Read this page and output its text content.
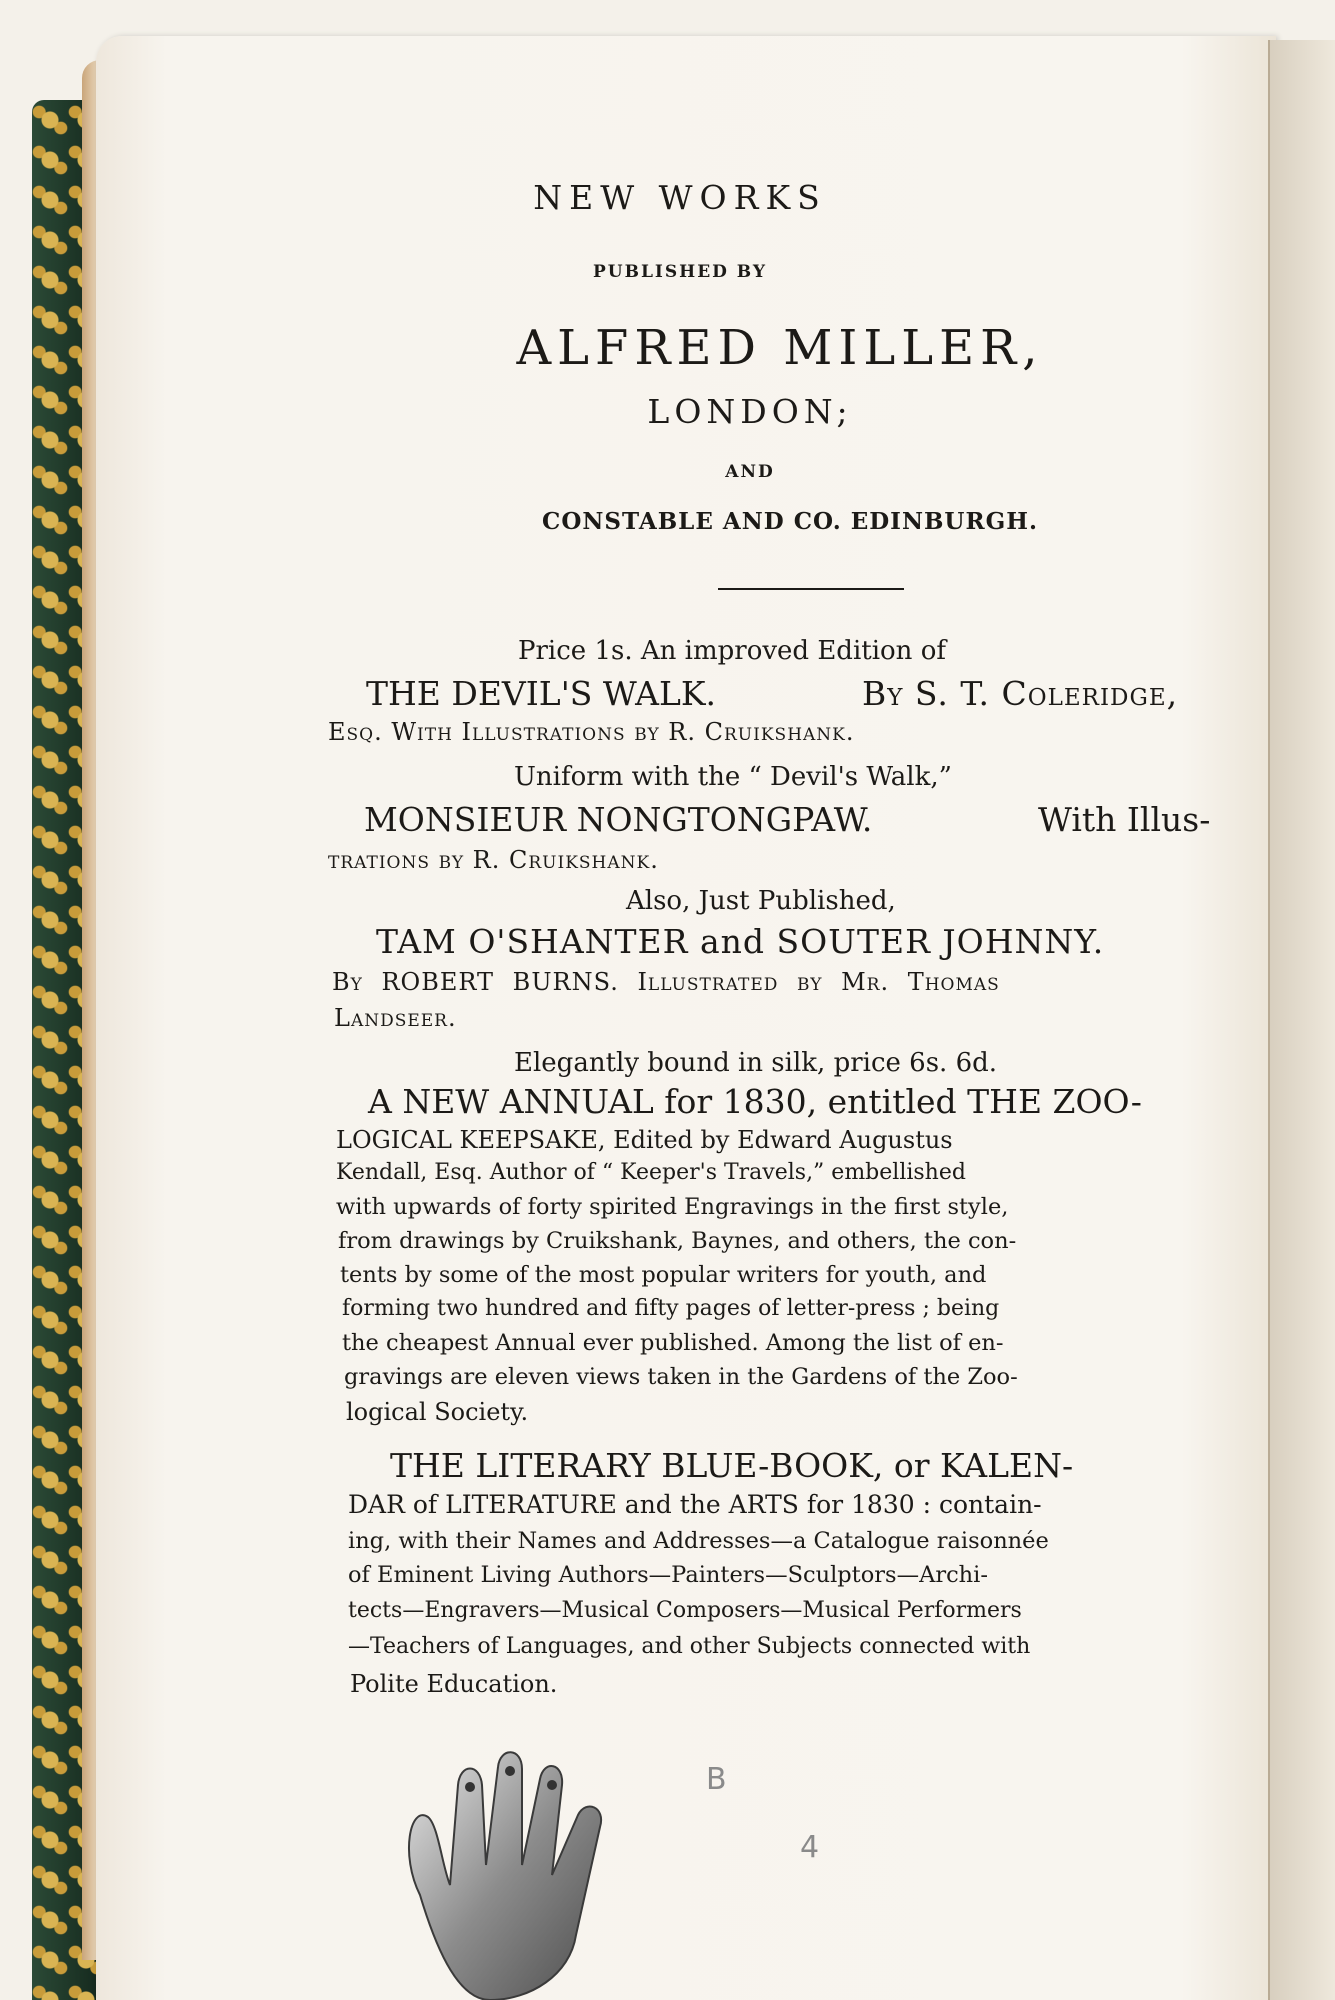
NEW WORKS
PUBLISHED BY
ALFRED MILLER,
LONDON;
AND
CONSTABLE AND CO. EDINBURGH.
Price 1s. An improved Edition of
THE DEVIL'S WALK.	By S. T. Coleridge,
Esq. With Illustrations by R. Cruikshank.
Uniform with the “ Devil's Walk,”
MONSIEUR NONGTONGPAW.	With Illus-
trations by R. Cruikshank.
Also, Just Published,
TAM O'SHANTER and SOUTER JOHNNY.
By ROBERT BURNS. Illustrated by Mr. Thomas
Landseer.
Elegantly bound in silk, price 6s. 6d.
A NEW ANNUAL for 1830, entitled THE ZOO-
LOGICAL KEEPSAKE, Edited by Edward Augustus
Kendall, Esq. Author of “ Keeper's Travels,” embellished
with upwards of forty spirited Engravings in the first style,
from drawings by Cruikshank, Baynes, and others, the con-
tents by some of the most popular writers for youth, and
forming two hundred and fifty pages of letter-press ; being
the cheapest Annual ever published. Among the list of en-
gravings are eleven views taken in the Gardens of the Zoo-
logical Society.
THE LITERARY BLUE-BOOK, or KALEN-
DAR of LITERATURE and the ARTS for 1830 : contain-
ing, with their Names and Addresses—a Catalogue raisonnée
of Eminent Living Authors—Painters—Sculptors—Archi-
tects—Engravers—Musical Composers—Musical Performers
—Teachers of Languages, and other Subjects connected with
Polite Education.
B
4
